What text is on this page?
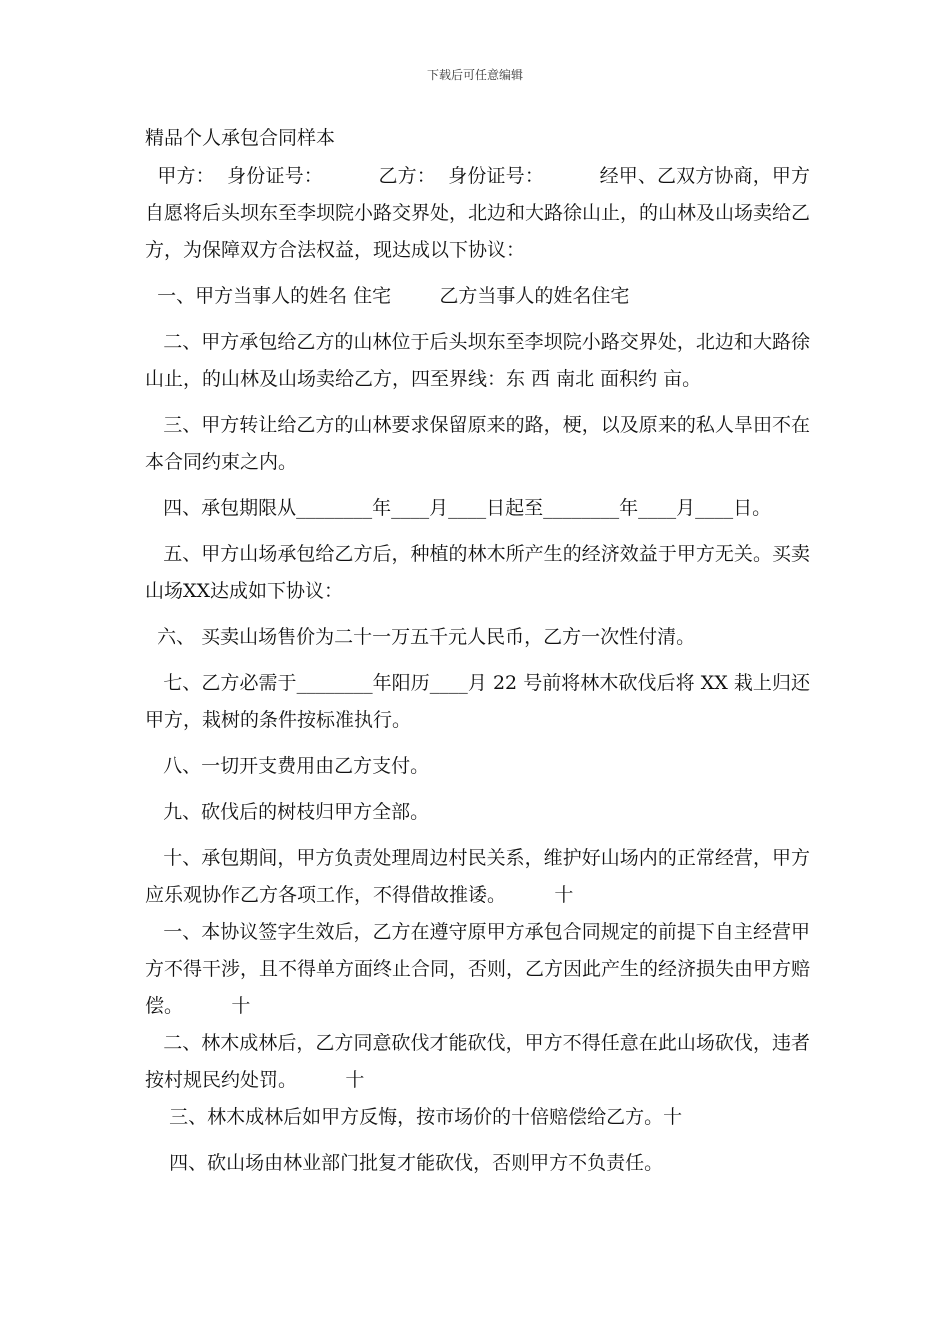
下载后可任意编辑
精品个人承包合同样本

甲方：  身份证号：         乙方：  身份证号：         经甲、乙双方协商，甲方自愿将后头坝东至李坝院小路交界处，北边和大路徐山止，的山林及山场卖给乙方，为保障双方合法权益，现达成以下协议：

一、甲方当事人的姓名 住宅        乙方当事人的姓名住宅

二、甲方承包给乙方的山林位于后头坝东至李坝院小路交界处，北边和大路徐山止，的山林及山场卖给乙方，四至界线：东 西 南北 面积约 亩。

三、甲方转让给乙方的山林要求保留原来的路，梗，以及原来的私人旱田不在本合同约束之内。

四、承包期限从________年____月____日起至________年____月____日。

五、甲方山场承包给乙方后，种植的林木所产生的经济效益于甲方无关。买卖山场XX达成如下协议：

六、 买卖山场售价为二十一万五千元人民币，乙方一次性付清。

七、乙方必需于________年阳历____月 22 号前将林木砍伐后将 XX 栽上归还甲方，栽树的条件按标准执行。

八、一切开支费用由乙方支付。

九、砍伐后的树枝归甲方全部。

十、承包期间，甲方负责处理周边村民关系，维护好山场内的正常经营，甲方应乐观协作乙方各项工作，不得借故推诿。        十

一、本协议签字生效后，乙方在遵守原甲方承包合同规定的前提下自主经营甲方不得干涉，且不得单方面终止合同，否则，乙方因此产生的经济损失由甲方赔偿。        十

二、林木成林后，乙方同意砍伐才能砍伐，甲方不得任意在此山场砍伐，违者按村规民约处罚。        十

三、林木成林后如甲方反悔，按市场价的十倍赔偿给乙方。十

四、砍山场由林业部门批复才能砍伐，否则甲方不负责任。
